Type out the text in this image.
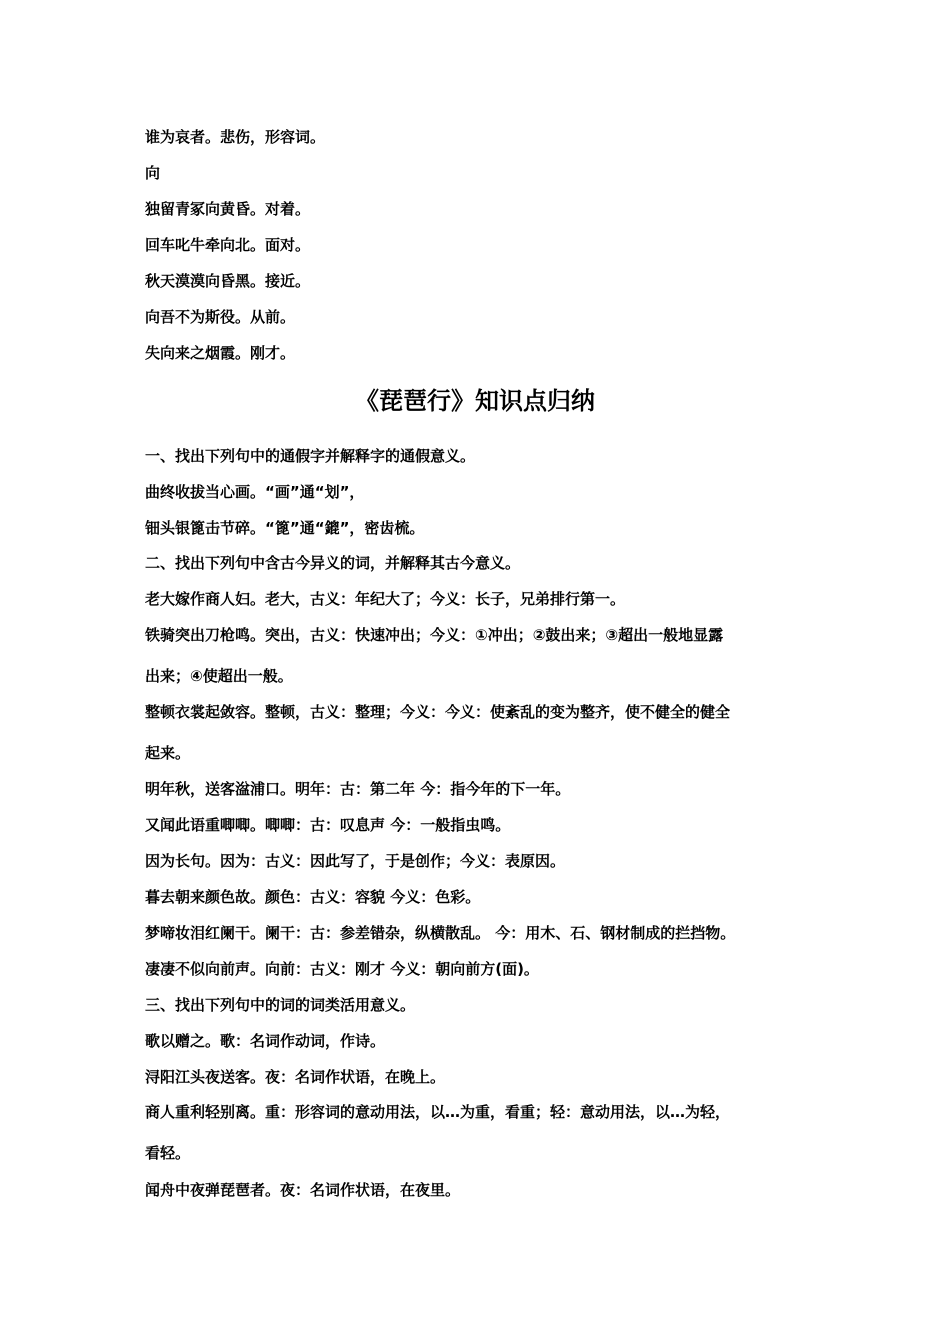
谁为哀者。悲伤，形容词。
向
独留青冢向黄昏。对着。
回车叱牛牵向北。面对。
秋天漠漠向昏黑。接近。
向吾不为斯役。从前。
失向来之烟霞。刚才。
《琵琶行》知识点归纳
一、找出下列句中的通假字并解释字的通假意义。
曲终收拔当心画。“画”通“划”，
钿头银篦击节碎。“篦”通“鎞”，密齿梳。
二、找出下列句中含古今异义的词，并解释其古今意义。
老大嫁作商人妇。老大，古义：年纪大了；今义：长子，兄弟排行第一。
铁骑突出刀枪鸣。突出，古义：快速冲出；今义：①冲出；②鼓出来；③超出一般地显露
出来；④使超出一般。
整顿衣裳起敛容。整顿，古义：整理；今义：今义：使紊乱的变为整齐，使不健全的健全
起来。
明年秋，送客湓浦口。明年：古：第二年 今：指今年的下一年。
又闻此语重唧唧。唧唧：古：叹息声 今：一般指虫鸣。
因为长句。因为：古义：因此写了，于是创作；今义：表原因。
暮去朝来颜色故。颜色：古义：容貌 今义：色彩。
梦啼妆泪红阑干。阑干：古：参差错杂，纵横散乱。 今：用木、石、钢材制成的拦挡物。
凄凄不似向前声。向前：古义：刚才 今义：朝向前方(面)。
三、找出下列句中的词的词类活用意义。
歌以赠之。歌：名词作动词，作诗。
浔阳江头夜送客。夜：名词作状语，在晚上。
商人重利轻别离。重：形容词的意动用法，以…为重，看重；轻：意动用法，以…为轻，
看轻。
闻舟中夜弹琵琶者。夜：名词作状语，在夜里。
